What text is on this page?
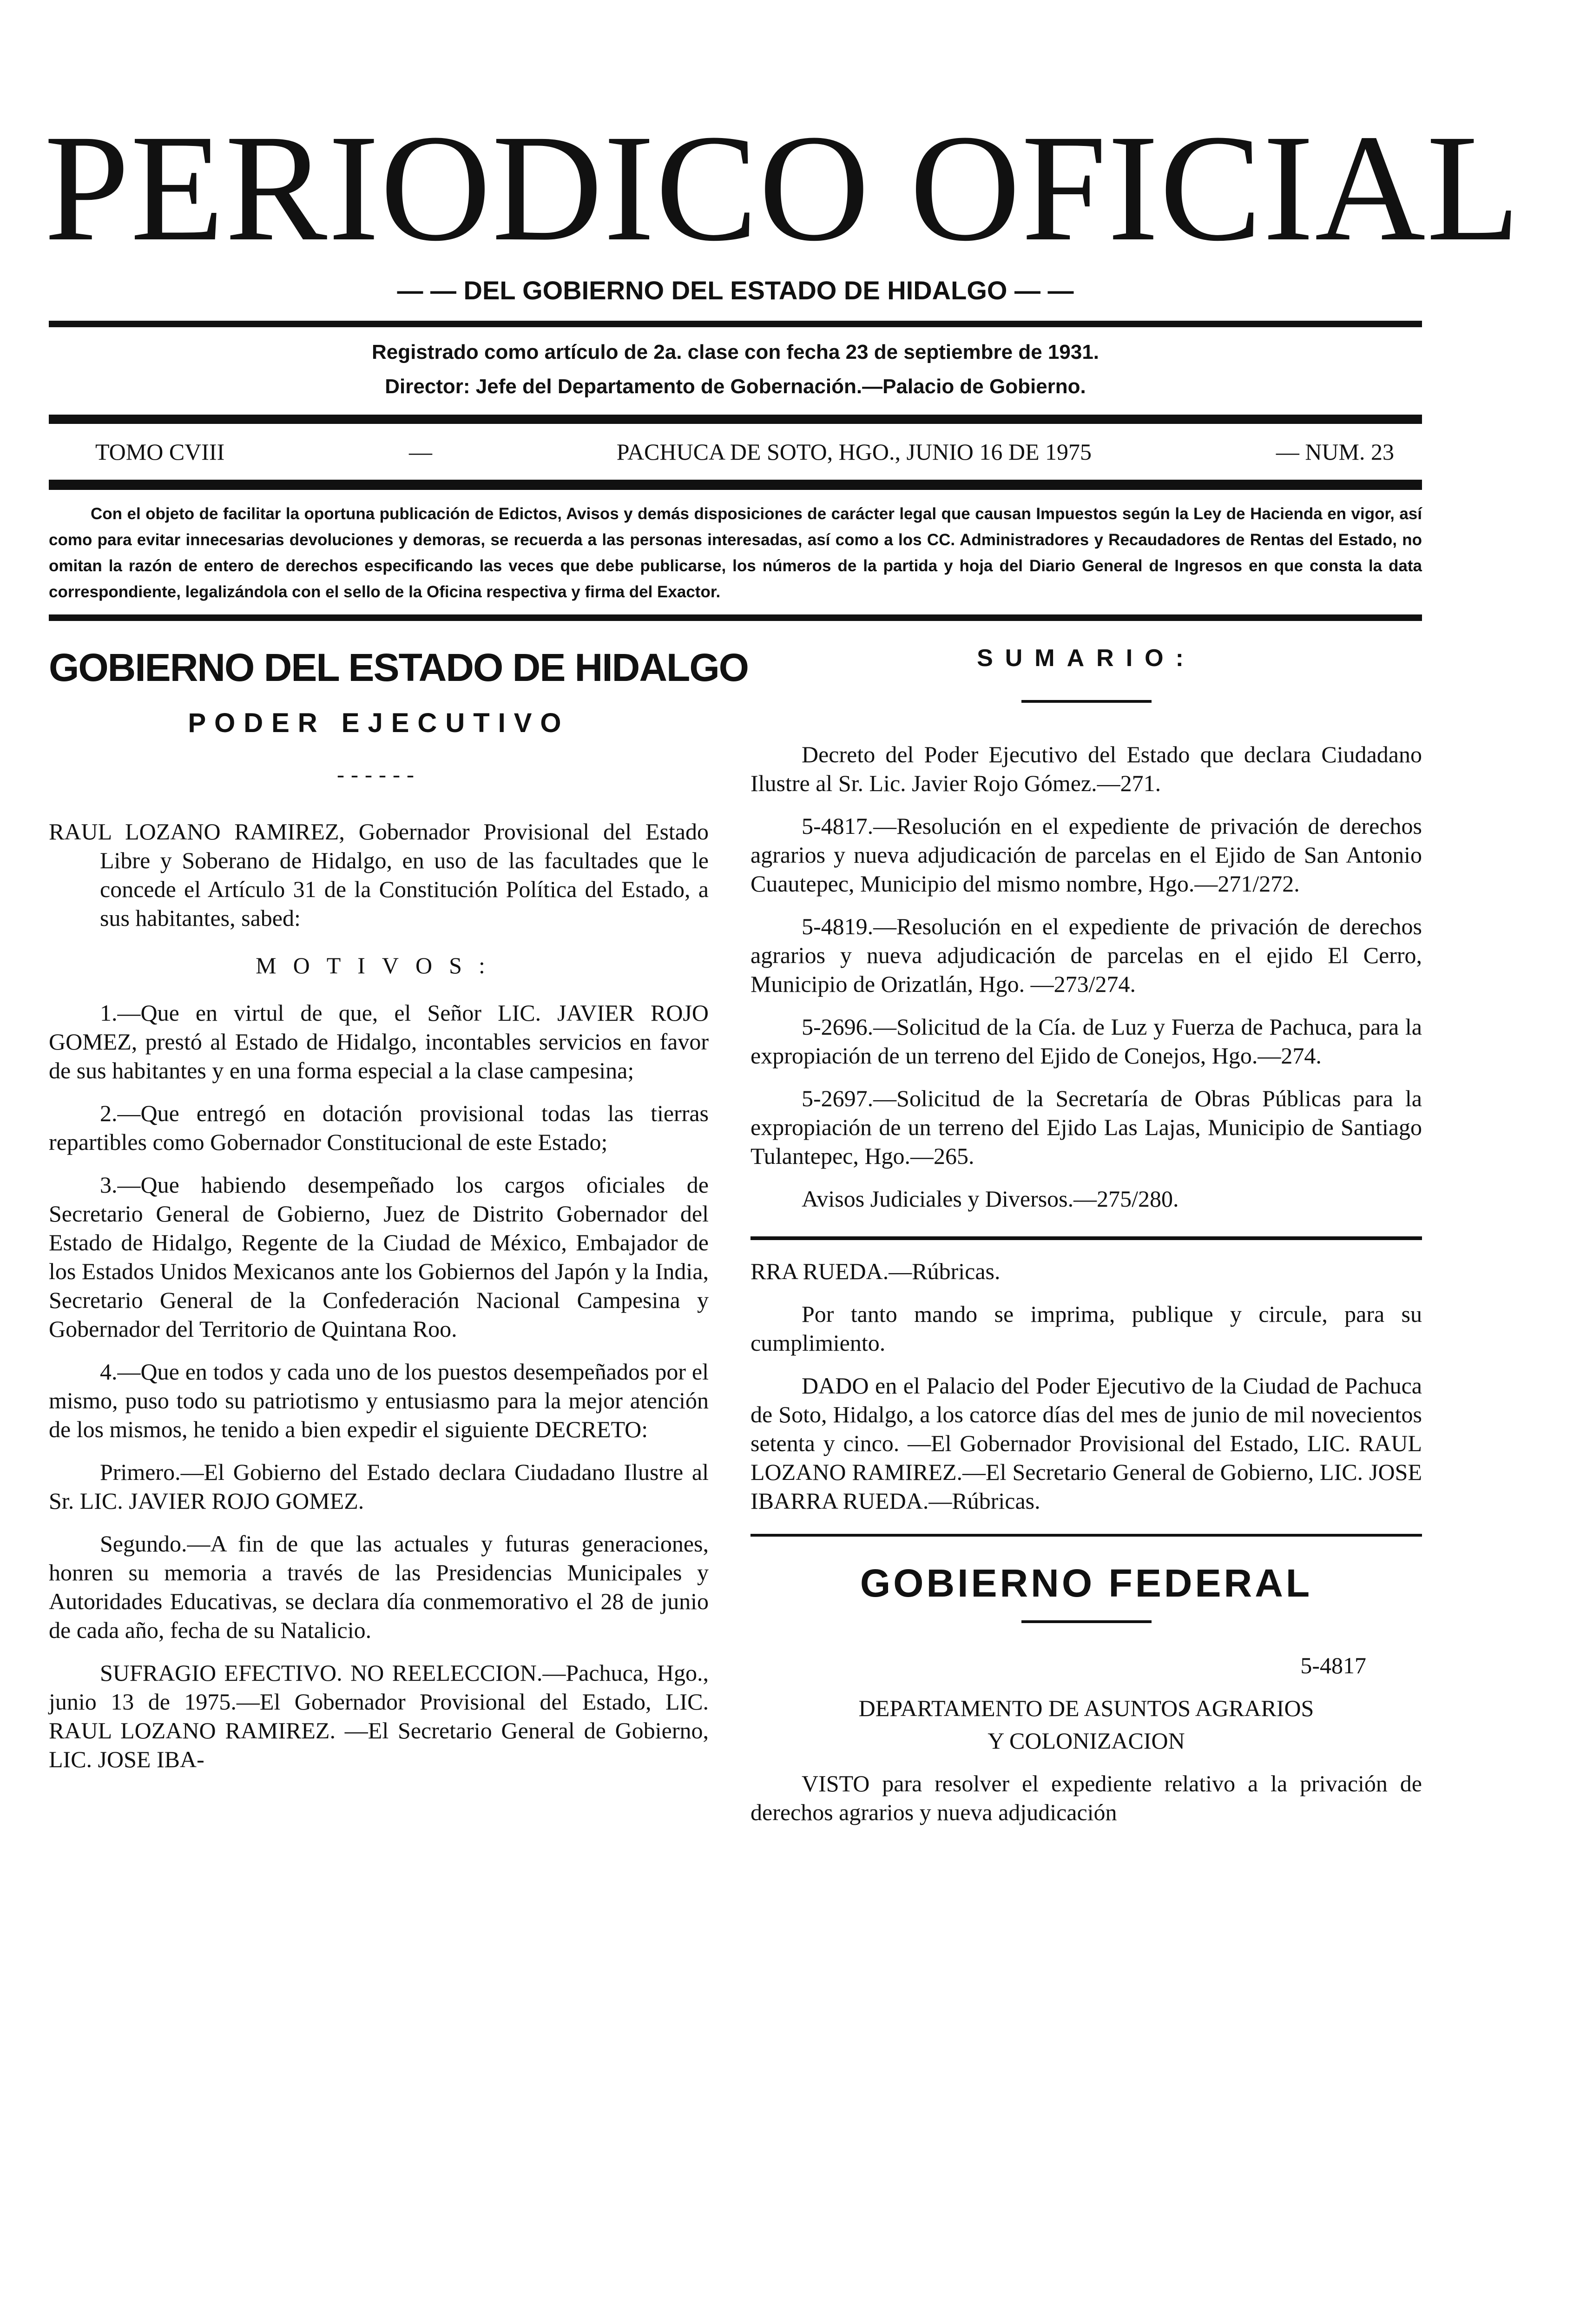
PERIODICO OFICIAL
— — DEL GOBIERNO DEL ESTADO DE HIDALGO — —
Registrado como artículo de 2a. clase con fecha 23 de septiembre de 1931.
Director: Jefe del Departamento de Gobernación.—Palacio de Gobierno.
TOMO CVIII	—	PACHUCA DE SOTO, HGO., JUNIO 16 DE 1975	— NUM. 23
Con el objeto de facilitar la oportuna publicación de Edictos, Avisos y demás disposiciones de carácter legal que causan Impuestos según la Ley de Hacienda en vigor, así como para evitar innecesarias devoluciones y demoras, se recuerda a las personas interesadas, así como a los CC. Administradores y Recaudadores de Rentas del Estado, no omitan la razón de entero de derechos especificando las veces que debe publicarse, los números de la partida y hoja del Diario General de Ingresos en que consta la data correspondiente, legalizándola con el sello de la Oficina respectiva y firma del Exactor.
GOBIERNO DEL ESTADO DE HIDALGO
PODER EJECUTIVO
------

RAUL LOZANO RAMIREZ, Gobernador Provisional del Estado Libre y Soberano de Hidalgo, en uso de las facultades que le concede el Artículo 31 de la Constitución Política del Estado, a sus habitantes, sabed:

MOTIVOS:

1.—Que en virtul de que, el Señor LIC. JAVIER ROJO GOMEZ, prestó al Estado de Hidalgo, incontables servicios en favor de sus habitantes y en una forma especial a la clase campesina;

2.—Que entregó en dotación provisional todas las tierras repartibles como Gobernador Constitucional de este Estado;

3.—Que habiendo desempeñado los cargos oficiales de Secretario General de Gobierno, Juez de Distrito Gobernador del Estado de Hidalgo, Regente de la Ciudad de México, Embajador de los Estados Unidos Mexicanos ante los Gobiernos del Japón y la India, Secretario General de la Confederación Nacional Campesina y Gobernador del Territorio de Quintana Roo.

4.—Que en todos y cada uno de los puestos desempeñados por el mismo, puso todo su patriotismo y entusiasmo para la mejor atención de los mismos, he tenido a bien expedir el siguiente DECRETO:

Primero.—El Gobierno del Estado declara Ciudadano Ilustre al Sr. LIC. JAVIER ROJO GOMEZ.

Segundo.—A fin de que las actuales y futuras generaciones, honren su memoria a través de las Presidencias Municipales y Autoridades Educativas, se declara día conmemorativo el 28 de junio de cada año, fecha de su Natalicio.

SUFRAGIO EFECTIVO. NO REELECCION.—Pachuca, Hgo., junio 13 de 1975.—El Gobernador Provisional del Estado, LIC. RAUL LOZANO RAMIREZ. —El Secretario General de Gobierno, LIC. JOSE IBA-

SUMARIO:

Decreto del Poder Ejecutivo del Estado que declara Ciudadano Ilustre al Sr. Lic. Javier Rojo Gómez.—271.

5-4817.—Resolución en el expediente de privación de derechos agrarios y nueva adjudicación de parcelas en el Ejido de San Antonio Cuautepec, Municipio del mismo nombre, Hgo.—271/272.

5-4819.—Resolución en el expediente de privación de derechos agrarios y nueva adjudicación de parcelas en el ejido El Cerro, Municipio de Orizatlán, Hgo. —273/274.

5-2696.—Solicitud de la Cía. de Luz y Fuerza de Pachuca, para la expropiación de un terreno del Ejido de Conejos, Hgo.—274.

5-2697.—Solicitud de la Secretaría de Obras Públicas para la expropiación de un terreno del Ejido Las Lajas, Municipio de Santiago Tulantepec, Hgo.—265.

Avisos Judiciales y Diversos.—275/280.

RRA RUEDA.—Rúbricas.

Por tanto mando se imprima, publique y circule, para su cumplimiento.

DADO en el Palacio del Poder Ejecutivo de la Ciudad de Pachuca de Soto, Hidalgo, a los catorce días del mes de junio de mil novecientos setenta y cinco. —El Gobernador Provisional del Estado, LIC. RAUL LOZANO RAMIREZ.—El Secretario General de Gobierno, LIC. JOSE IBARRA RUEDA.—Rúbricas.

GOBIERNO FEDERAL

5-4817

DEPARTAMENTO DE ASUNTOS AGRARIOS

Y COLONIZACION

VISTO para resolver el expediente relativo a la privación de derechos agrarios y nueva adjudicación
